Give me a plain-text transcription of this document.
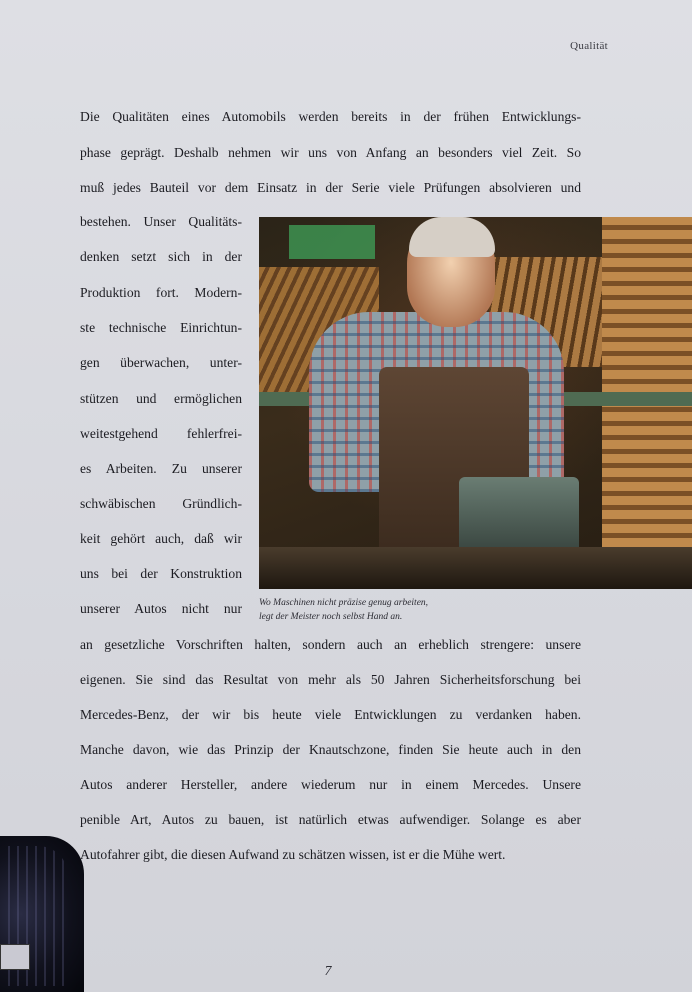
Qualität
Die Qualitäten eines Automobils werden bereits in der frühen Entwicklungs-
phase geprägt. Deshalb nehmen wir uns von Anfang an besonders viel Zeit. So
muß jedes Bauteil vor dem Einsatz in der Serie viele Prüfungen absolvieren und
bestehen. Unser Qualitäts-
denken setzt sich in der
Produktion fort. Modern-
ste technische Einrichtun-
gen überwachen, unter-
stützen und ermöglichen
weitestgehend fehlerfrei-
es Arbeiten. Zu unserer
schwäbischen Gründlich-
keit gehört auch, daß wir
uns bei der Konstruktion
unserer Autos nicht nur Wo Maschinen nicht präzise genug arbeiten,
legt der Meister noch selbst Hand an.
an gesetzliche Vorschriften halten, sondern auch an erheblich strengere: unsere
eigenen. Sie sind das Resultat von mehr als 50 Jahren Sicherheitsforschung bei
Mercedes-Benz, der wir bis heute viele Entwicklungen zu verdanken haben.
Manche davon, wie das Prinzip der Knautschzone, finden Sie heute auch in den
Autos anderer Hersteller, andere wiederum nur in einem Mercedes. Unsere
penible Art, Autos zu bauen, ist natürlich etwas aufwendiger. Solange es aber
Autofahrer gibt, die diesen Aufwand zu schätzen wissen, ist er die Mühe wert.
7
